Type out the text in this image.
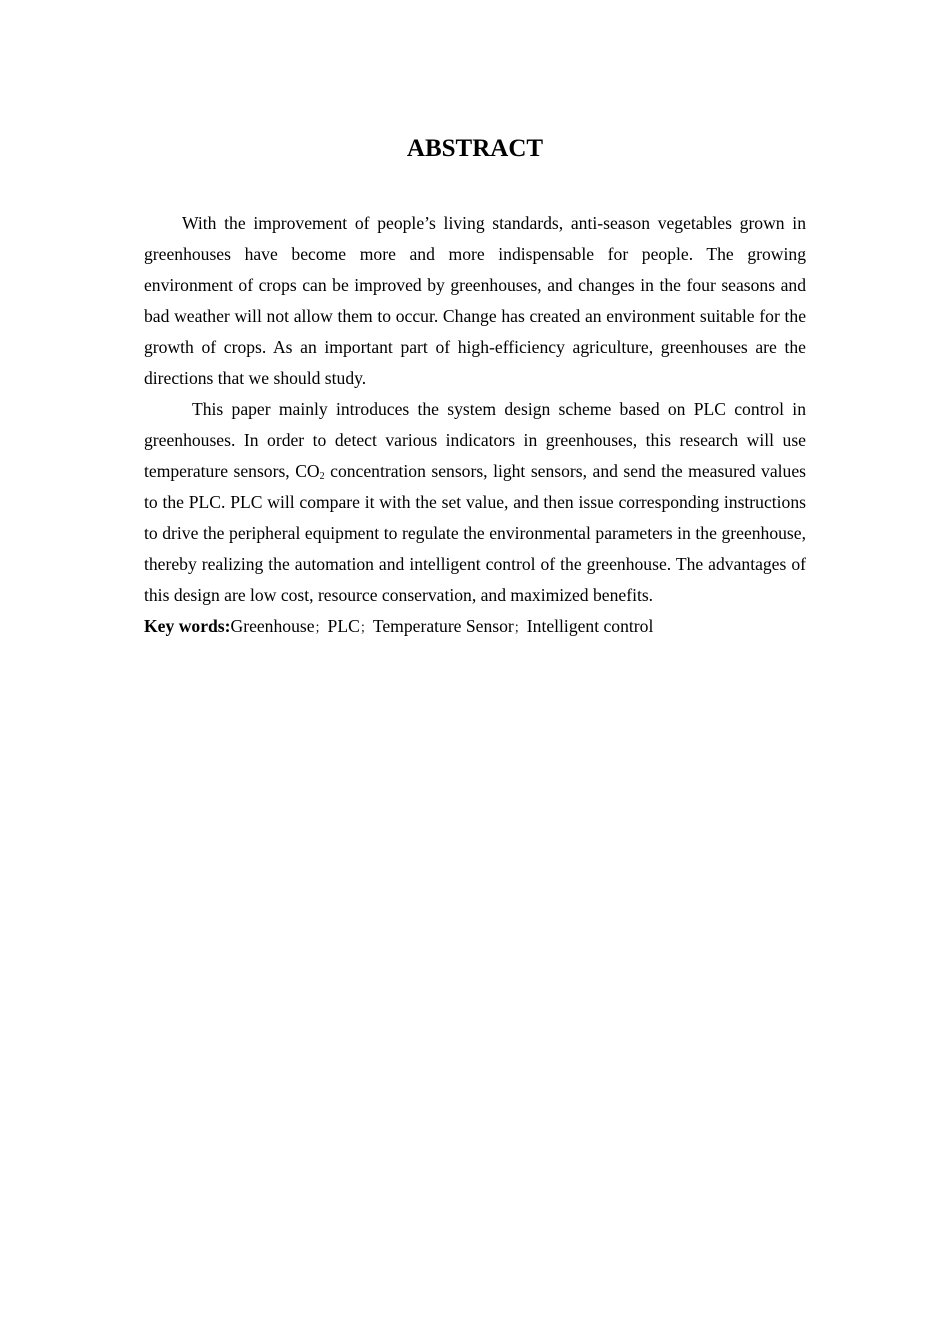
ABSTRACT

With the improvement of people’s living standards, anti-season vegetables grown in greenhouses have become more and more indispensable for people. The growing environment of crops can be improved by greenhouses, and changes in the four seasons and bad weather will not allow them to occur. Change has created an environment suitable for the growth of crops. As an important part of high-efficiency agriculture, greenhouses are the directions that we should study.

This paper mainly introduces the system design scheme based on PLC control in greenhouses. In order to detect various indicators in greenhouses, this research will use temperature sensors, $CO_2$ concentration sensors, light sensors, and send the measured values to the PLC. PLC will compare it with the set value, and then issue corresponding instructions to drive the peripheral equipment to regulate the environmental parameters in the greenhouse, thereby realizing the automation and intelligent control of the greenhouse. The advantages of this design are low cost, resource conservation, and maximized benefits.

Key words:Greenhouse；PLC；Temperature Sensor；Intelligent control
